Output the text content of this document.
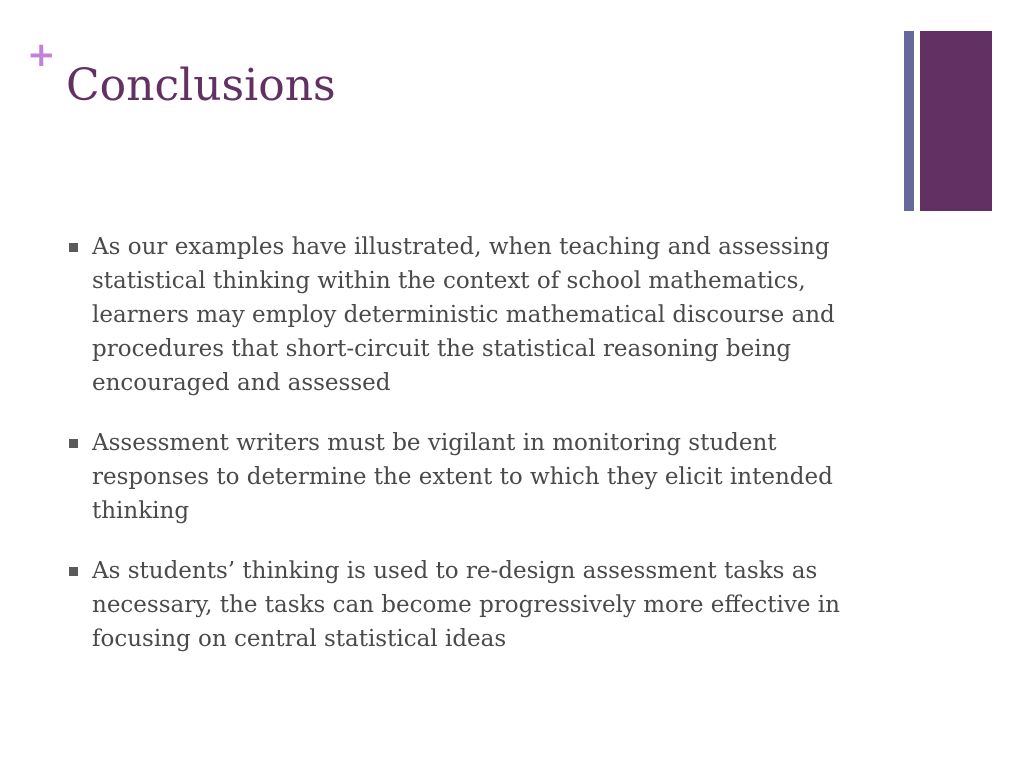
+
Conclusions
As our examples have illustrated, when teaching and assessing statistical thinking within the context of school mathematics, learners may employ deterministic mathematical discourse and procedures that short-circuit the statistical reasoning being encouraged and assessed
Assessment writers must be vigilant in monitoring student responses to determine the extent to which they elicit intended thinking
As students’ thinking is used to re-design assessment tasks as necessary, the tasks can become progressively more effective in focusing on central statistical ideas
